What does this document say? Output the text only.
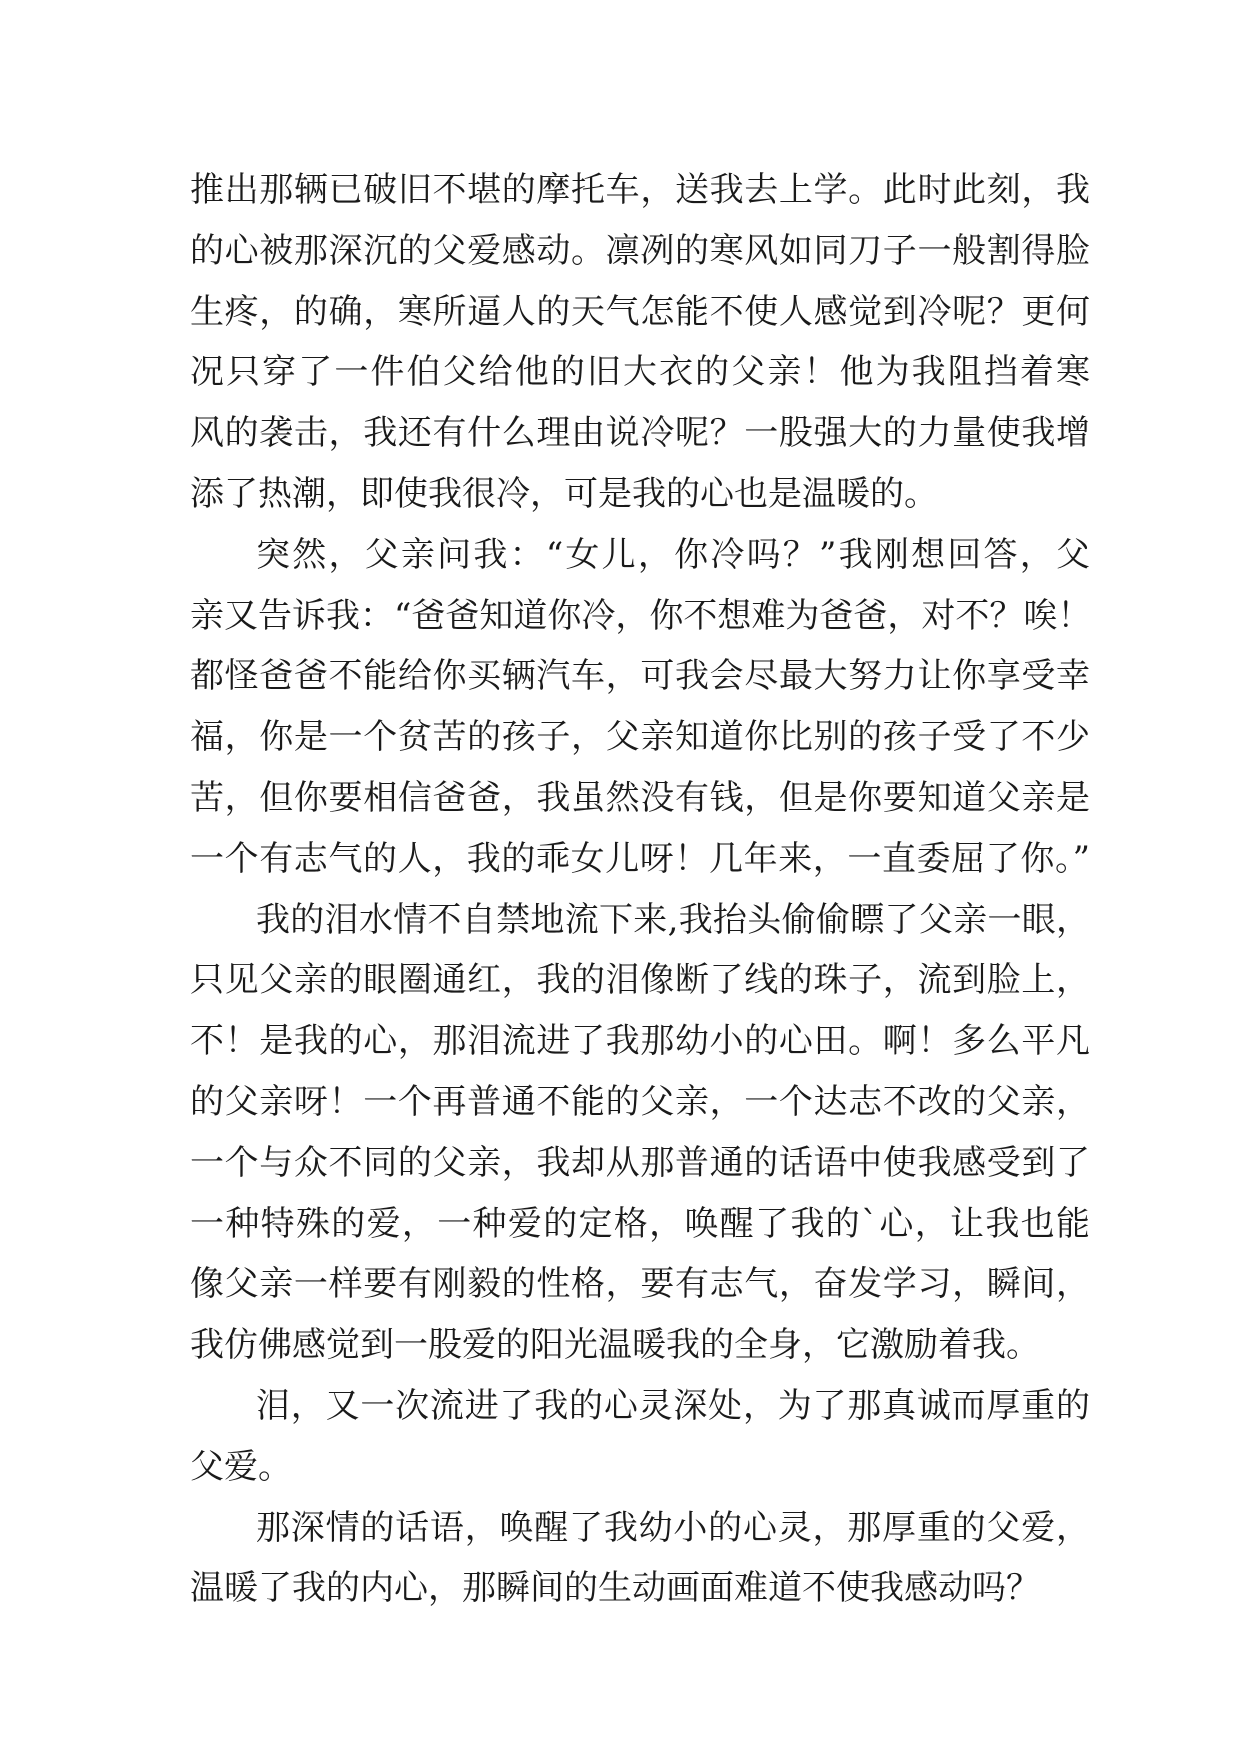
推出那辆已破旧不堪的摩托车，送我去上学。此时此刻，我
的心被那深沉的父爱感动。凛冽的寒风如同刀子一般割得脸
生疼，的确，寒所逼人的天气怎能不使人感觉到冷呢？更何
况只穿了一件伯父给他的旧大衣的父亲！他为我阻挡着寒
风的袭击，我还有什么理由说冷呢？一股强大的力量使我增
添了热潮，即使我很冷，可是我的心也是温暖的。
突然，父亲问我：“女儿，你冷吗？”我刚想回答，父
亲又告诉我：“爸爸知道你冷，你不想难为爸爸，对不？唉！
都怪爸爸不能给你买辆汽车，可我会尽最大努力让你享受幸
福，你是一个贫苦的孩子，父亲知道你比别的孩子受了不少
苦，但你要相信爸爸，我虽然没有钱，但是你要知道父亲是
一个有志气的人，我的乖女儿呀！几年来，一直委屈了你。”
我的泪水情不自禁地流下来,我抬头偷偷瞟了父亲一眼，
只见父亲的眼圈通红，我的泪像断了线的珠子，流到脸上，
不！是我的心，那泪流进了我那幼小的心田。啊！多么平凡
的父亲呀！一个再普通不能的父亲，一个达志不改的父亲，
一个与众不同的父亲，我却从那普通的话语中使我感受到了
一种特殊的爱，一种爱的定格，唤醒了我的`心，让我也能
像父亲一样要有刚毅的性格，要有志气，奋发学习，瞬间，
我仿佛感觉到一股爱的阳光温暖我的全身，它激励着我。
泪，又一次流进了我的心灵深处，为了那真诚而厚重的
父爱。
那深情的话语，唤醒了我幼小的心灵，那厚重的父爱，
温暖了我的内心，那瞬间的生动画面难道不使我感动吗？
